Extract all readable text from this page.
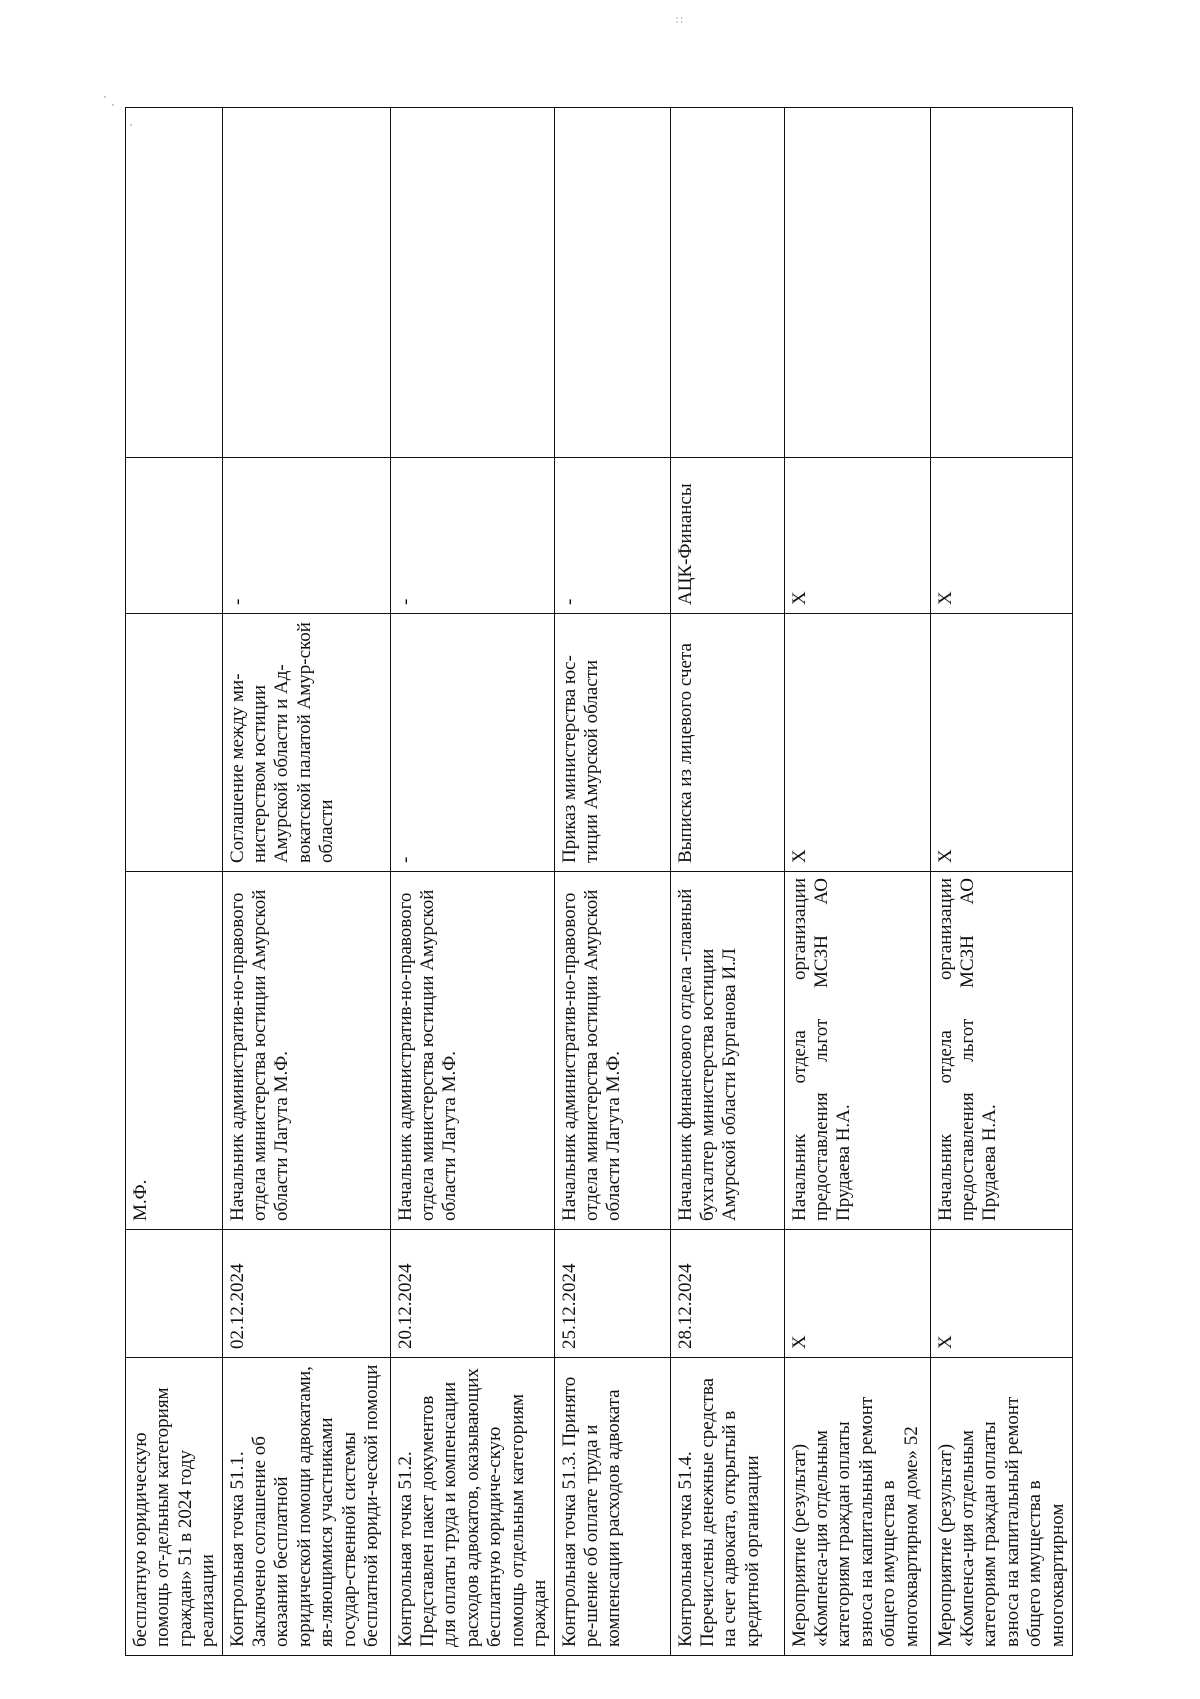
∷
бесплатную юридическую помощь от-дельным категориям граждан» 51 в 2024 году реализации		М.Ф.			
Контрольная точка 51.1. Заключено соглашение об оказании бесплатной юридической помощи адвокатами, яв-ляющимися участниками государ-ственной системы бесплатной юриди-ческой помощи	02.12.2024	Начальник административ-но-правового отдела министерства юстиции Амурской области Лагута М.Ф.	Соглашение между ми-нистерством юстиции Амурской области и Ад-вокатской палатой Амур-ской области	-	
Контрольная точка 51.2. Представлен пакет документов для оплаты труда и компенсации расходов адвокатов, оказывающих бесплатную юридиче-скую помощь отдельным категориям граждан	20.12.2024	Начальник административ-но-правового отдела министерства юстиции Амурской области Лагута М.Ф.	-	-	
Контрольная точка 51.3. Принято ре-шение об оплате труда и компенсации расходов адвоката	25.12.2024	Начальник административ-но-правового отдела министерства юстиции Амурской области Лагута М.Ф.	Приказ министерства юс-тиции Амурской области	-	
Контрольная точка 51.4. Перечислены денежные средства на счет адвоката, открытый в кредитной организации	28.12.2024	Начальник финансового отдела -главный бухгалтер министерства юстиции Амурской области Бурганова И.Л	Выписка из лицевого счета	АЦК-Финансы	
Мероприятие (результат) «Компенса-ция отдельным категориям граждан оплаты взноса на капитальный ремонт общего имущества в многоквартирном доме» 52	X	Начальник отдела организации предоставления льгот МСЗН АО Прудаева Н.А.	X	X	
Мероприятие (результат) «Компенса-ция отдельным категориям граждан оплаты взноса на капитальный ремонт общего имущества в многоквартирном	X	Начальник отдела организации предоставления льгот МСЗН АО Прудаева Н.А.	X	X	
